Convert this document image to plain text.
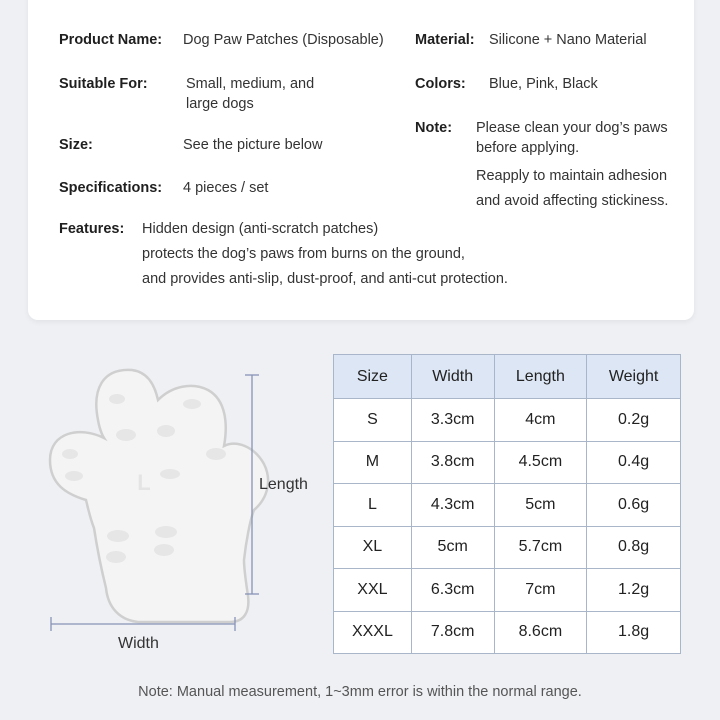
Product Name: Dog Paw Patches (Disposable) Material: Silicone + Nano Material
Suitable For:	Small, medium, and
large dogs
Colors: Blue, Pink, Black
Note: Please clean your dog’s paws
before applying.
Reapply to maintain adhesion
and avoid affecting stickiness.
Size:	See the picture below
Specifications: 4 pieces / set
Features: Hidden design (anti-scratch patches)
protects the dog’s paws from burns on the ground,
and provides anti-slip, dust-proof, and anti-cut protection.
L	Length
Width
Size	Width	Length	Weight
S	3.3cm	4cm	0.2g
M	3.8cm	4.5cm	0.4g
L	4.3cm	5cm	0.6g
XL	5cm	5.7cm	0.8g
XXL	6.3cm	7cm	1.2g
XXXL	7.8cm	8.6cm	1.8g
Note: Manual measurement, 1~3mm error is within the normal range.
